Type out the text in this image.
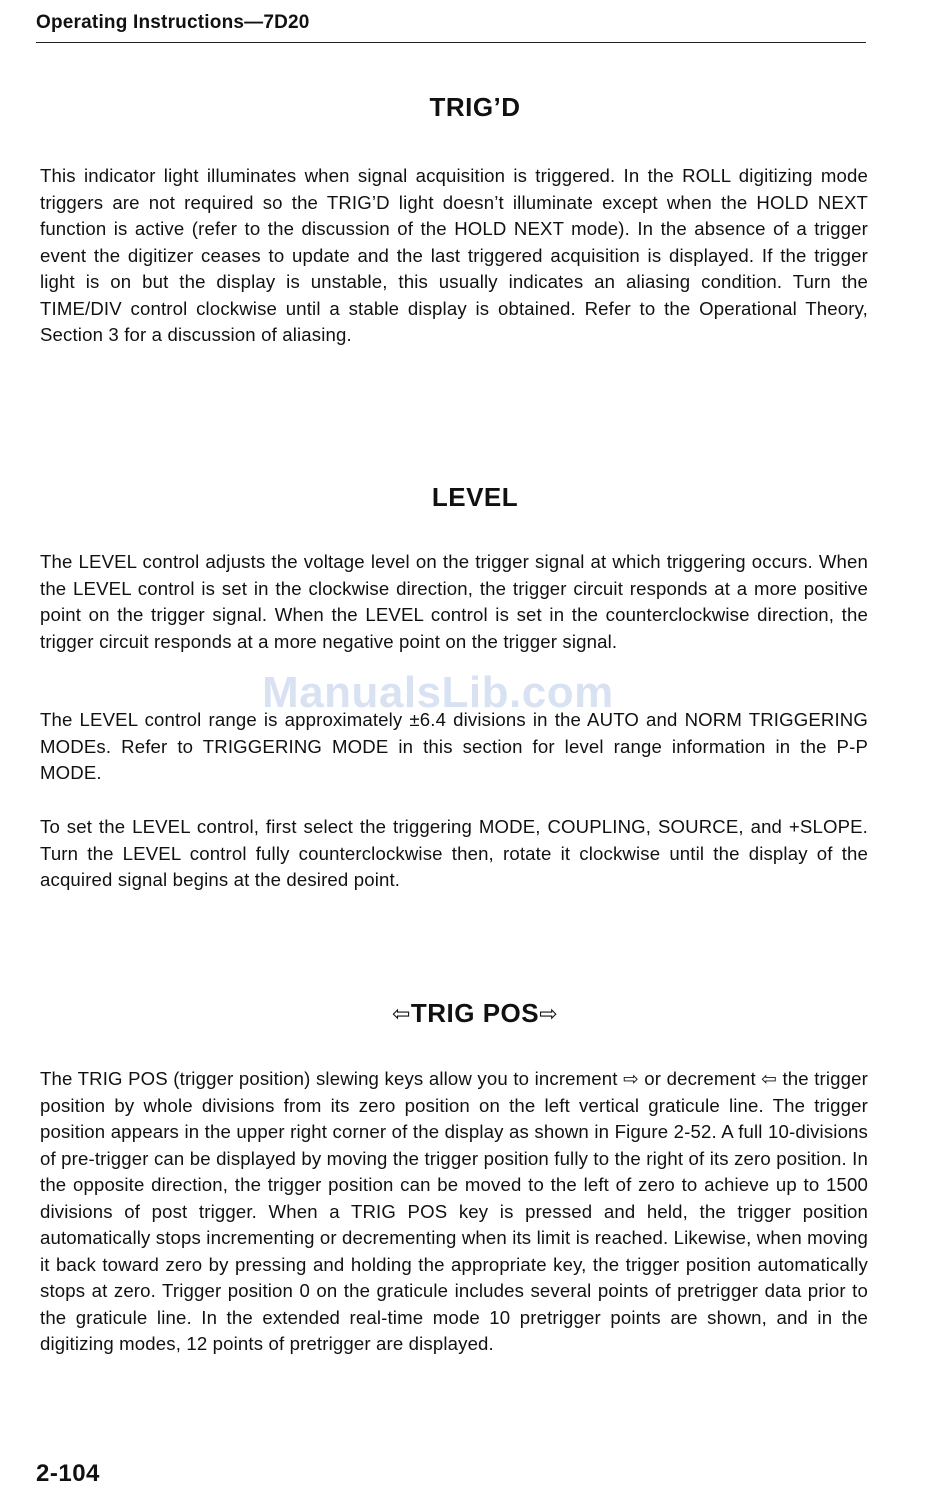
Operating Instructions—7D20
TRIG’D
This indicator light illuminates when signal acquisition is triggered. In the ROLL digitizing mode triggers are not required so the TRIG’D light doesn’t illuminate except when the HOLD NEXT function is active (refer to the discussion of the HOLD NEXT mode). In the absence of a trigger event the digitizer ceases to update and the last triggered acquisition is displayed. If the trigger light is on but the display is unstable, this usually indicates an aliasing condition. Turn the TIME/DIV control clockwise until a stable display is obtained. Refer to the Operational Theory, Section 3 for a discussion of aliasing.
LEVEL
The LEVEL control adjusts the voltage level on the trigger signal at which triggering occurs. When the LEVEL control is set in the clockwise direction, the trigger circuit responds at a more positive point on the trigger signal. When the LEVEL control is set in the counterclockwise direction, the trigger circuit responds at a more negative point on the trigger signal.
The LEVEL control range is approximately ±6.4 divisions in the AUTO and NORM TRIGGERING MODEs. Refer to TRIGGERING MODE in this section for level range information in the P-P MODE.
To set the LEVEL control, first select the triggering MODE, COUPLING, SOURCE, and +SLOPE. Turn the LEVEL control fully counterclockwise then, rotate it clockwise until the display of the acquired signal begins at the desired point.
⇦TRIG POS⇨
The TRIG POS (trigger position) slewing keys allow you to increment ⇨ or decrement ⇦ the trigger position by whole divisions from its zero position on the left vertical graticule line. The trigger position appears in the upper right corner of the display as shown in Figure 2-52. A full 10-divisions of pre-trigger can be displayed by moving the trigger position fully to the right of its zero position. In the opposite direction, the trigger position can be moved to the left of zero to achieve up to 1500 divisions of post trigger. When a TRIG POS key is pressed and held, the trigger position automatically stops incrementing or decrementing when its limit is reached. Likewise, when moving it back toward zero by pressing and holding the appropriate key, the trigger position automatically stops at zero. Trigger position 0 on the graticule includes several points of pretrigger data prior to the graticule line. In the extended real-time mode 10 pretrigger points are shown, and in the digitizing modes, 12 points of pretrigger are displayed.
ManualsLib.com
2-104
